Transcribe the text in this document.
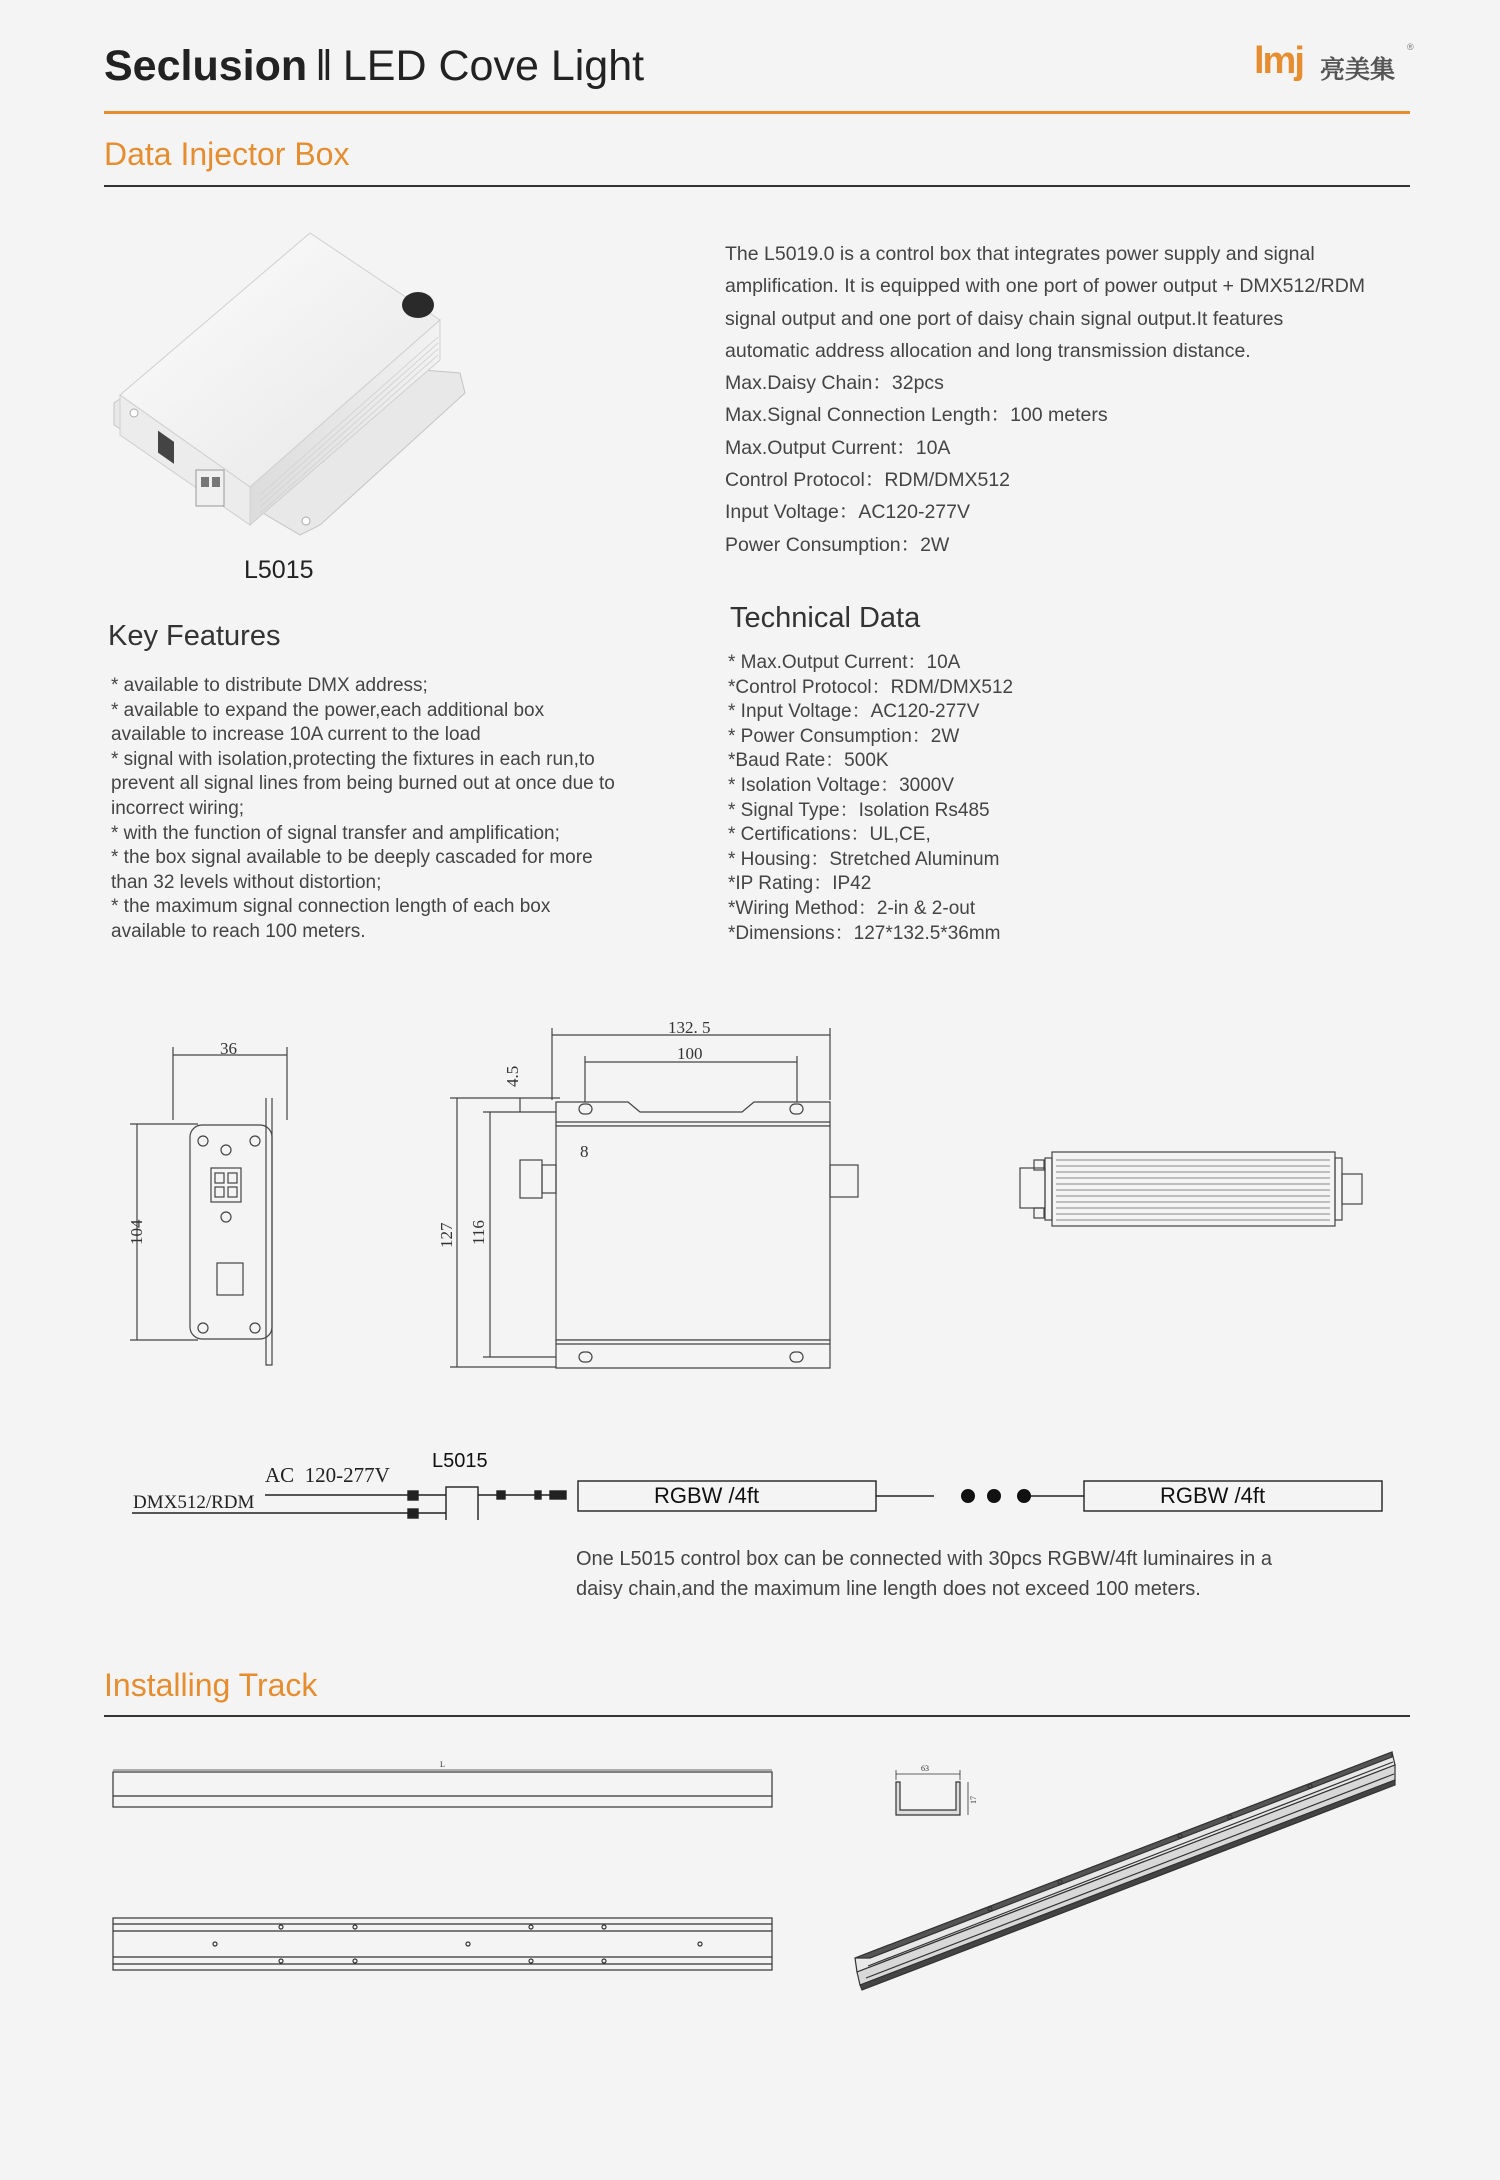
Seclusion ‖ LED Cove Light	lmj 亮美集
®
Data Injector Box
L5015

The L5019.0 is a control box that integrates power supply and signal

amplification. It is equipped with one port of power output + DMX512/RDM

signal output and one port of daisy chain signal output.It features

automatic address allocation and long transmission distance.

Max.Daisy Chain：32pcs

Max.Signal Connection Length：100 meters

Max.Output Current：10A

Control Protocol：RDM/DMX512

Input Voltage：AC120-277V

Power Consumption：2W

Key Features
* available to distribute DMX address;
* available to expand the power,each additional box
available to increase 10A current to the load
* signal with isolation,protecting the fixtures in each run,to
prevent all signal lines from being burned out at once due to
incorrect wiring;
* with the function of signal transfer and amplification;
* the box signal available to be deeply cascaded for more
than 32 levels without distortion;
* the maximum signal connection length of each box
available to reach 100 meters.
Technical Data
* Max.Output Current：10A
*Control Protocol：RDM/DMX512
* Input Voltage：AC120-277V
* Power Consumption：2W
*Baud Rate：500K
* Isolation Voltage：3000V
* Signal Type：Isolation Rs485
* Certifications：UL,CE,
* Housing：Stretched Aluminum
*IP Rating：IP42
*Wiring Method：2-in & 2-out
*Dimensions：127*132.5*36mm
36
104
132. 5
100
4.5
8
127 116
AC  120-277V
DMX512/RDM
L5015
RGBW /4ft	RGBW /4ft
One L5015 control box can be connected with 30pcs RGBW/4ft luminaires in a
daisy chain,and the maximum line length does not exceed 100 meters.
Installing Track
L	63
17
